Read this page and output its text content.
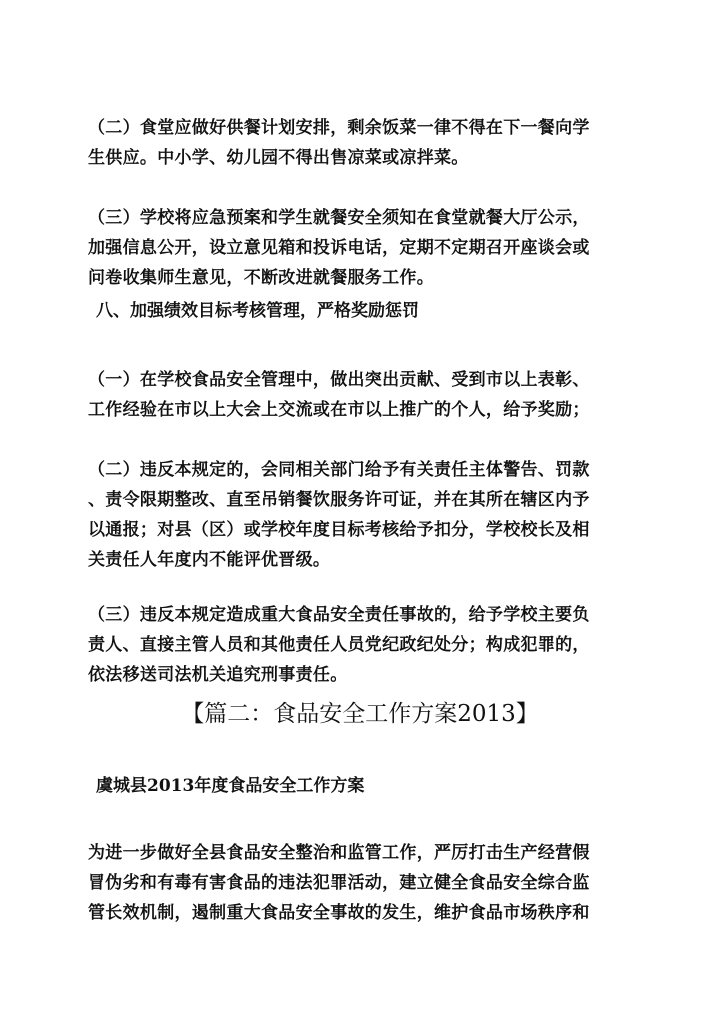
（二）食堂应做好供餐计划安排，剩余饭菜一律不得在下一餐向学
生供应。中小学、幼儿园不得出售凉菜或凉拌菜。

（三）学校将应急预案和学生就餐安全须知在食堂就餐大厅公示，
加强信息公开，设立意见箱和投诉电话，定期不定期召开座谈会或
问卷收集师生意见，不断改进就餐服务工作。

八、加强绩效目标考核管理，严格奖励惩罚

（一）在学校食品安全管理中，做出突出贡献、受到市以上表彰、
工作经验在市以上大会上交流或在市以上推广的个人，给予奖励；

（二）违反本规定的，会同相关部门给予有关责任主体警告、罚款
、责令限期整改、直至吊销餐饮服务许可证，并在其所在辖区内予
以通报；对县（区）或学校年度目标考核给予扣分，学校校长及相
关责任人年度内不能评优晋级。

（三）违反本规定造成重大食品安全责任事故的，给予学校主要负
责人、直接主管人员和其他责任人员党纪政纪处分；构成犯罪的，
依法移送司法机关追究刑事责任。

【篇二：食品安全工作方案2013】

虞城县2013年度食品安全工作方案

为进一步做好全县食品安全整治和监管工作，严厉打击生产经营假
冒伪劣和有毒有害食品的违法犯罪活动，建立健全食品安全综合监
管长效机制，遏制重大食品安全事故的发生，维护食品市场秩序和
